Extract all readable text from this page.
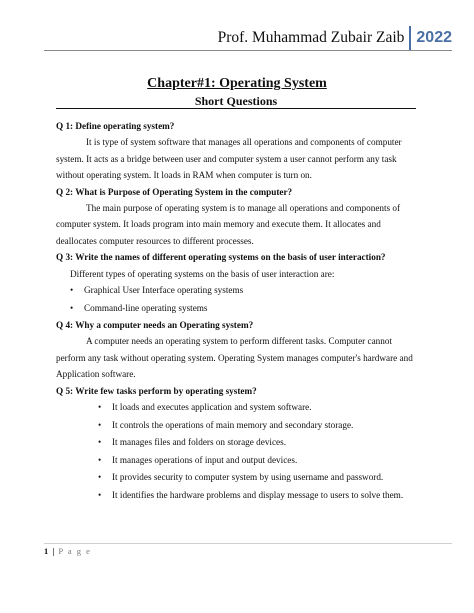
Prof. Muhammad Zubair Zaib 2022
Chapter#1: Operating System
Short Questions

Q 1: Define operating system?

It is type of system software that manages all operations and components of computer system. It acts as a bridge between user and computer system a user cannot perform any task without operating system. It loads in RAM when computer is turn on.

Q 2: What is Purpose of Operating System in the computer?

The main purpose of operating system is to manage all operations and components of computer system. It loads program into main memory and execute them. It allocates and deallocates computer resources to different processes.

Q 3: Write the names of different operating systems on the basis of user interaction?

Different types of operating systems on the basis of user interaction are:

• Graphical User Interface operating systems
• Command-line operating systems

Q 4: Why a computer needs an Operating system?

A computer needs an operating system to perform different tasks. Computer cannot perform any task without operating system. Operating System manages computer's hardware and Application software.

Q 5: Write few tasks perform by operating system?

• It loads and executes application and system software.
• It controls the operations of main memory and secondary storage.
• It manages files and folders on storage devices.
• It manages operations of input and output devices.
• It provides security to computer system by using username and password.
• It identifies the hardware problems and display message to users to solve them.
1 | P a g e
